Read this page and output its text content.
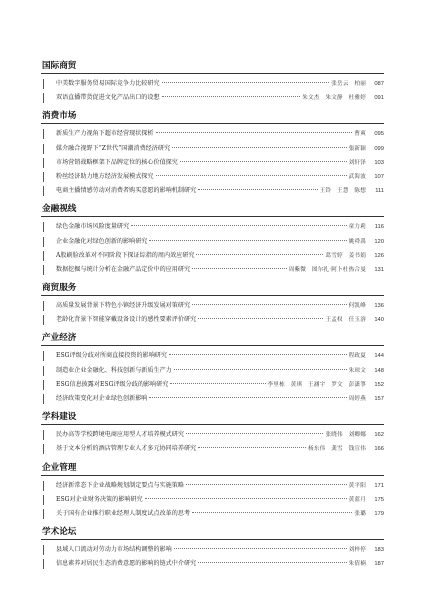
国际商贸
中美数字服务贸易国际竞争力比较研究	张岳云　柏丽	087
双语直播带货促进文化产品出口的设想	朱文杰　朱文静　杜雅婷	091
消费市场
新质生产力视角下超市经营现状探析	曹爽	095
媒介融合视野下“Z世代”国潮消费经济研究	張新颖	099
市场营销战略框架下品牌定位的核心价值探究	刘轩泽	103
粉丝经济助力地方经济发展模式探究	武海波	107
电商主播情感劳动对消费者购买意愿的影响机制研究	王铃　王慧　陈想	111
金融视线
绿色金融市场风险度量研究	童力莉	116
企业金融化对绿色创新的影响研究	姚舜禹	120
A股刷脸改革对不同阶段下探证综指的周内效应研究	葛雪婷　姜书娟	126
数据挖掘与统计分析在金融产品定价中的应用研究	周紫微　图尔扎·阿卜杜热合曼	131
商贸服务
高质量发展背景下特色小镇经济升级发展对策研究	何凯峰	136
老龄化背景下智能穿戴设备设计的感性要素评价研究	王孟权　任玉溶	140
产业经济
ESG评级分歧对所商直接投资的影响研究	程政夏	144
制造业企业金融化、科技创新与新质生产力	朱琼文	148
ESG信息披露对ESG评级分歧的影响研究	李里栋　黄琪　王涵宇　罗文　彭潇箏	152
经济政策变化对企业绿色创新影响	周婷燕	157
学科建设
民办高等学校跨境电商应用型人才培养模式研究	张晓伟　刘卿娜	162
基于文本分析的酒店管理专业人才多元协同培养研究	杨东伟　龚雪　钱宣伟	166
企业管理
经济新常态下企业战略规划制定要点与实施策略	黄平阳	171
ESG对企业财务决策的影响研究	黄蓝月	175
关于国有企业推行职业经理人制度试点改革的思考	张璐	179
学术论坛
县域人口流动对劳动力市场结构调整的影响	刘梓停	183
信息素养对居民生态消费意愿的影响的链式中介研究	朱倩楠	187
